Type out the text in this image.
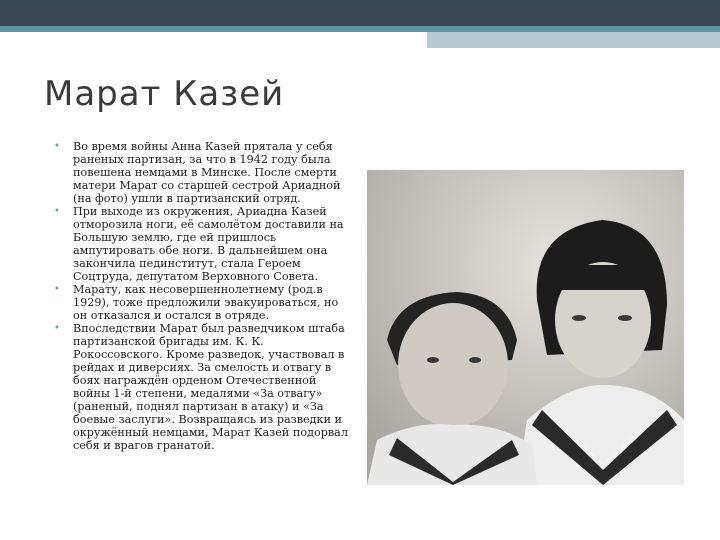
Марат Казей
• Во время войны Анна Казей прятала у себя раненых партизан, за что в 1942 году была повешена немцами в Минске. После смерти матери Марат со старшей сестрой Ариадной (на фото) ушли в партизанский отряд.
• При выходе из окружения, Ариадна Казей отморозила ноги, её самолётом доставили на Большую землю, где ей пришлось ампутировать обе ноги. В дальнейшем она закончила пединститут, стала Героем Соцтруда, депутатом Верховного Совета.
• Марату, как несовершеннолетнему (род.в 1929), тоже предложили эвакуироваться, но он отказался и остался в отряде.
• Впоследствии Марат был разведчиком штаба партизанской бригады им. К. К. Рокоссовского. Кроме разведок, участвовал в рейдах и диверсиях. За смелость и отвагу в боях награждён орденом Отечественной войны 1-й степени, медалями «За отвагу» (раненый, поднял партизан в атаку) и «За боевые заслуги». Возвращаясь из разведки и окружённый немцами, Марат Казей подорвал себя и врагов гранатой.
